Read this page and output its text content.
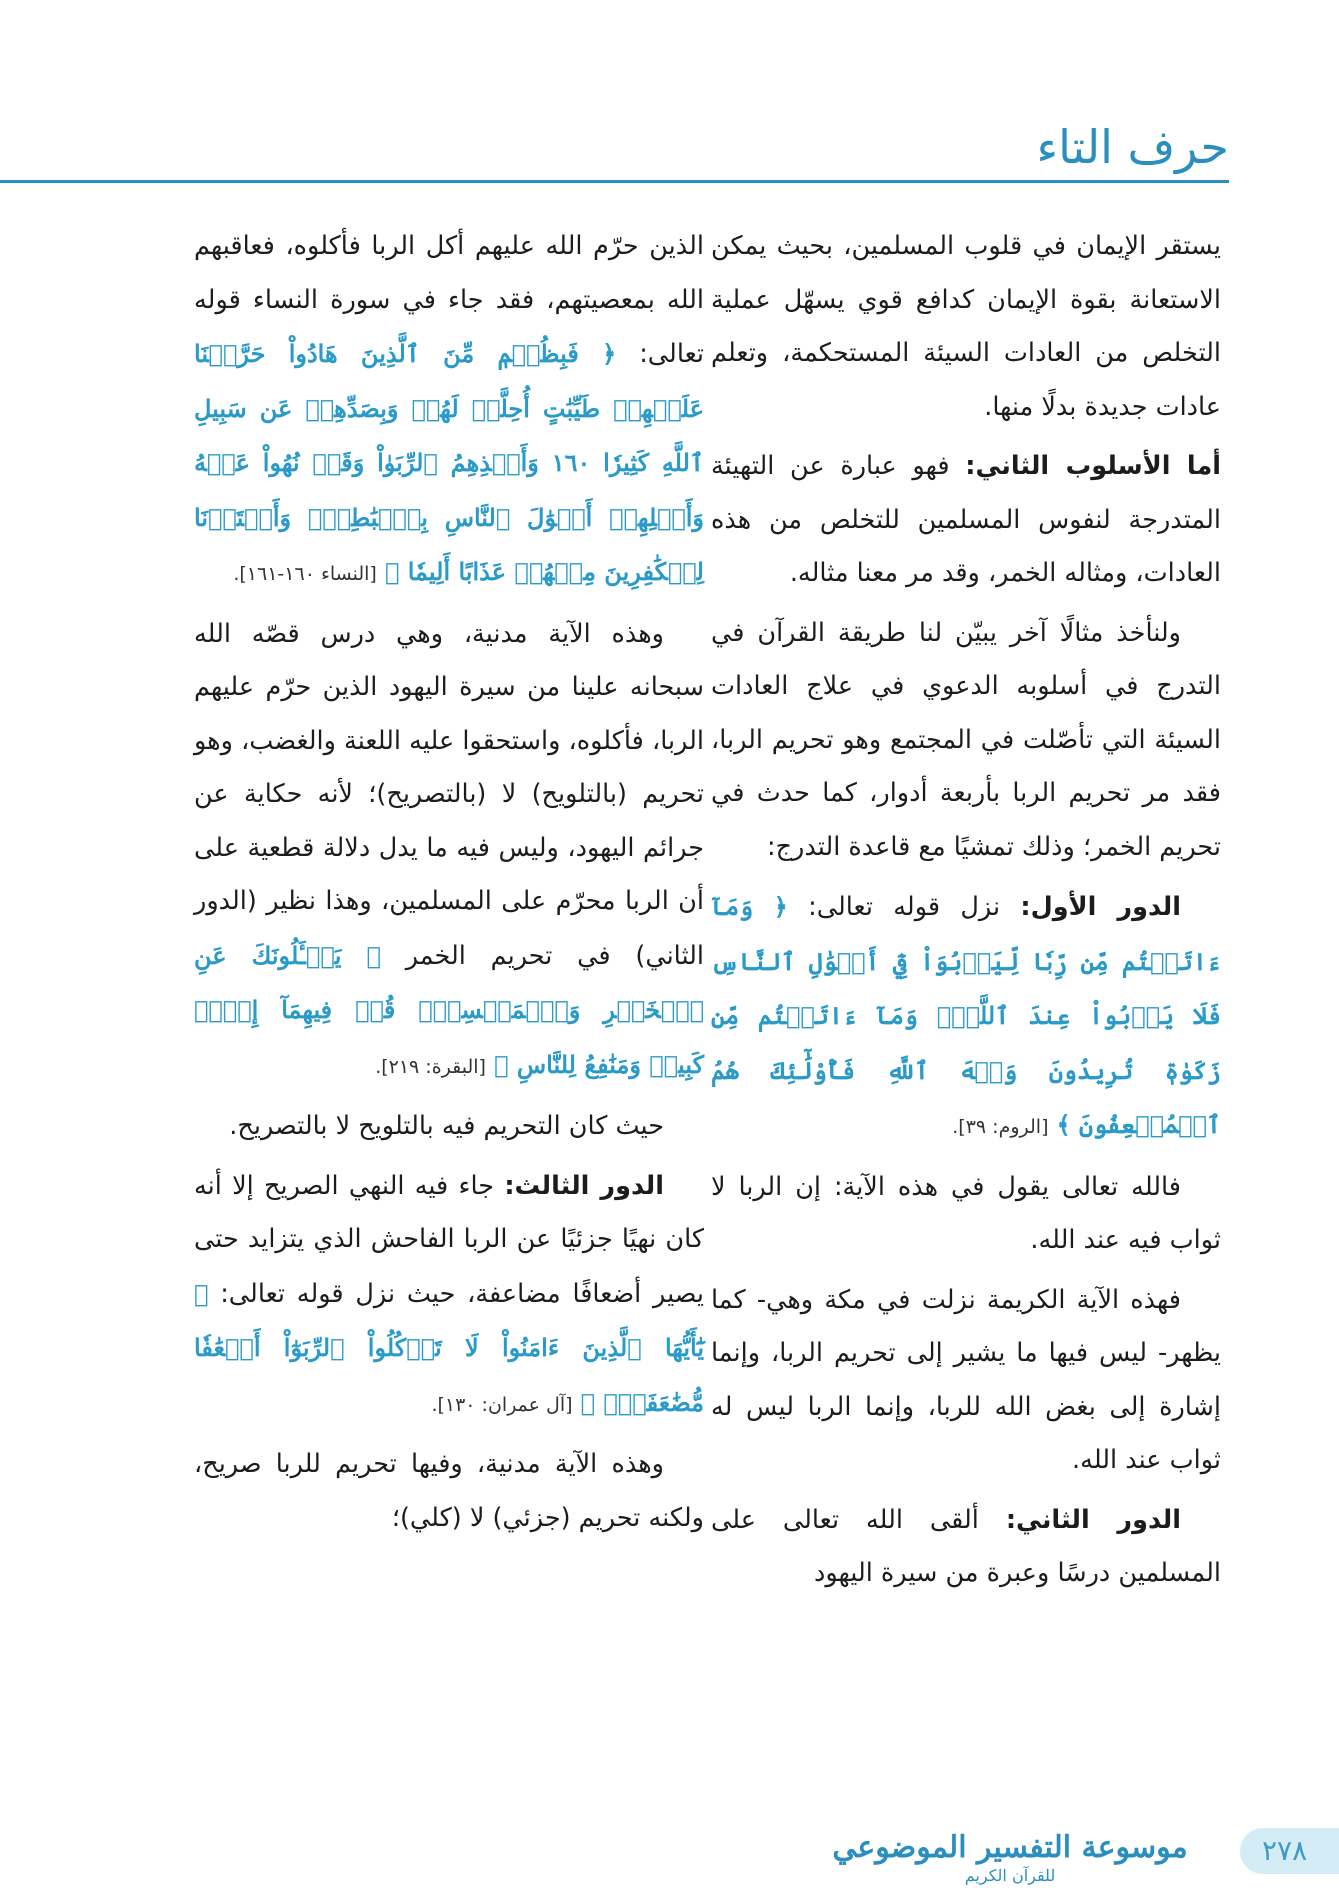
حرف التاء

يستقر الإيمان في قلوب المسلمين، بحيث يمكن الاستعانة بقوة الإيمان كدافع قوي يسهّل عملية التخلص من العادات السيئة المستحكمة، وتعلم عادات جديدة بدلًا منها.

أما الأسلوب الثاني: فهو عبارة عن التهيئة المتدرجة لنفوس المسلمين للتخلص من هذه العادات، ومثاله الخمر، وقد مر معنا مثاله.

ولنأخذ مثالًا آخر يبيّن لنا طريقة القرآن في التدرج في أسلوبه الدعوي في علاج العادات السيئة التي تأصّلت في المجتمع وهو تحريم الربا، فقد مر تحريم الربا بأربعة أدوار، كما حدث في تحريم الخمر؛ وذلك تمشيًا مع قاعدة التدرج:

الدور الأول: نزل قوله تعالى: ﴿ وَمَآ ءَاتَيۡتُم مِّن رِّبٗا لِّيَرۡبُوَاْ فِيٓ أَمۡوَٰلِ ٱلنَّاسِ فَلَا يَرۡبُواْ عِندَ ٱللَّهِۖ وَمَآ ءَاتَيۡتُم مِّن زَكَوٰةٖ تُرِيدُونَ وَجۡهَ ٱللَّهِ فَأُوْلَٰٓئِكَ هُمُ ٱلۡمُضۡعِفُونَ ﴾ [الروم: ٣٩].

فالله تعالى يقول في هذه الآية: إن الربا لا ثواب فيه عند الله.

فهذه الآية الكريمة نزلت في مكة وهي- كما يظهر- ليس فيها ما يشير إلى تحريم الربا، وإنما إشارة إلى بغض الله للربا، وإنما الربا ليس له ثواب عند الله.

الدور الثاني: ألقى الله تعالى على المسلمين درسًا وعبرة من سيرة اليهود

الذين حرّم الله عليهم أكل الربا فأكلوه، فعاقبهم الله بمعصيتهم، فقد جاء في سورة النساء قوله تعالى: ﴿ فَبِظُلۡمٖ مِّنَ ٱلَّذِينَ هَادُواْ حَرَّمۡنَا عَلَيۡهِمۡ طَيِّبَٰتٍ أُحِلَّتۡ لَهُمۡ وَبِصَدِّهِمۡ عَن سَبِيلِ ٱللَّهِ كَثِيرٗا ١٦٠ وَأَخۡذِهِمُ ٱلرِّبَوٰاْ وَقَدۡ نُهُواْ عَنۡهُ وَأَكۡلِهِمۡ أَمۡوَٰلَ ٱلنَّاسِ بِٱلۡبَٰطِلِۚ وَأَعۡتَدۡنَا لِلۡكَٰفِرِينَ مِنۡهُمۡ عَذَابًا أَلِيمٗا ﴾ [النساء ١٦٠-١٦١].

وهذه الآية مدنية، وهي درس قصّه الله سبحانه علينا من سيرة اليهود الذين حرّم عليهم الربا، فأكلوه، واستحقوا عليه اللعنة والغضب، وهو تحريم (بالتلويح) لا (بالتصريح)؛ لأنه حكاية عن جرائم اليهود، وليس فيه ما يدل دلالة قطعية على أن الربا محرّم على المسلمين، وهذا نظير (الدور الثاني) في تحريم الخمر ﴿ يَسۡـَٔلُونَكَ عَنِ ٱلۡخَمۡرِ وَٱلۡمَيۡسِرِۖ قُلۡ فِيهِمَآ إِثۡمٞ كَبِيرٞ وَمَنَٰفِعُ لِلنَّاسِ ﴾ [البقرة: ٢١٩].

حيث كان التحريم فيه بالتلويح لا بالتصريح.

الدور الثالث: جاء فيه النهي الصريح إلا أنه كان نهيًا جزئيًا عن الربا الفاحش الذي يتزايد حتى يصير أضعافًا مضاعفة، حيث نزل قوله تعالى: ﴿ يَٰٓأَيُّهَا ٱلَّذِينَ ءَامَنُواْ لَا تَأۡكُلُواْ ٱلرِّبَوٰٓاْ أَضۡعَٰفٗا مُّضَٰعَفَةٗۖ ﴾ [آل عمران: ١٣٠].

وهذه الآية مدنية، وفيها تحريم للربا صريح، ولكنه تحريم (جزئي) لا (كلي)؛

موسوعة التفسير الموضوعي
للقرآن الكريم
٢٧٨
